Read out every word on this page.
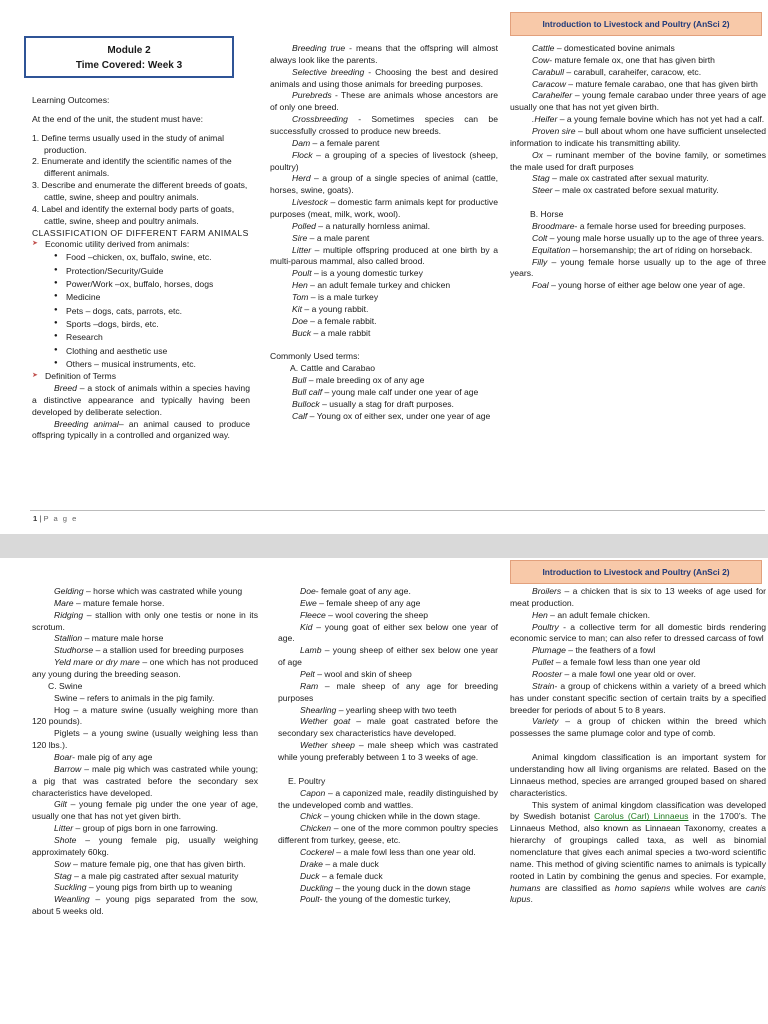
Introduction to Livestock and Poultry (AnSci 2)
Module 2
Time Covered: Week 3

Learning Outcomes:

At the end of the unit, the student must have:

1. Define terms usually used in the study of animal production.
2. Enumerate and identify the scientific names of the different animals.
3. Describe and enumerate the different breeds of goats, cattle, swine, sheep and poultry animals.
4. Label and identify the external body parts of goats, cattle, swine, sheep and poultry animals.

CLASSIFICATION OF DIFFERENT FARM ANIMALS

➤ Economic utility derived from animals:
● Food –chicken, ox, buffalo, swine, etc.
● Protection/Security/Guide
● Power/Work –ox, buffalo, horses, dogs
● Medicine
● Pets – dogs, cats, parrots, etc.
● Sports –dogs, birds, etc.
● Research
● Clothing and aesthetic use
● Others – musical instruments, etc.
➤ Definition of Terms

Breed – a stock of animals within a species having a distinctive appearance and typically having been developed by deliberate selection.

Breeding animal– an animal caused to produce offspring typically in a controlled and organized way.

Breeding true - means that the offspring will almost always look like the parents.

Selective breeding - Choosing the best and desired animals and using those animals for breeding purposes.

Purebreds - These are animals whose ancestors are of only one breed.

Crossbreeding - Sometimes species can be successfully crossed to produce new breeds.

Dam – a female parent

Flock – a grouping of a species of livestock (sheep, poultry)

Herd – a group of a single species of animal (cattle, horses, swine, goats).

Livestock – domestic farm animals kept for productive purposes (meat, milk, work, wool).

Polled – a naturally hornless animal.

Sire – a male parent

Litter – multiple offspring produced at one birth by a multi-parous mammal, also called brood.

Poult – is a young domestic turkey

Hen – an adult female turkey and chicken

Tom – is a male turkey

Kit – a young rabbit.

Doe – a female rabbit.

Buck – a male rabbit

Commonly Used terms:

A. Cattle and Carabao

Bull – male breeding ox of any age

Bull calf – young male calf under one year of age

Bullock – usually a stag for draft purposes.

Calf – Young ox of either sex, under one year of age

Cattle – domesticated bovine animals

Cow- mature female ox, one that has given birth

Carabull – carabull, caraheifer, caracow, etc.

Caracow – mature female carabao, one that has given birth

Caraheifer – young female carabao under three years of age usually one that has not yet given birth.

.Heifer – a young female bovine which has not yet had a calf.

Proven sire – bull about whom one have sufficient unselected information to indicate his transmitting ability.

Ox – ruminant member of the bovine family, or sometimes the male used for draft purposes

Stag – male ox castrated after sexual maturity.

Steer – male ox castrated before sexual maturity.

B. Horse

Broodmare- a female horse used for breeding purposes.

Colt – young male horse usually up to the age of three years.

Equitation – horsemanship; the art of riding on horseback.

Filly – young female horse usually up to the age of three years.

Foal – young horse of either age below one year of age.

1 | P a g e
Introduction to Livestock and Poultry (AnSci 2)

Gelding – horse which was castrated while young

Mare – mature female horse.

Ridging – stallion with only one testis or none in its scrotum.

Stallion – mature male horse

Studhorse – a stallion used for breeding purposes

Yeld mare or dry mare – one which has not produced any young during the breeding season.

C. Swine

Swine – refers to animals in the pig family.

Hog – a mature swine (usually weighing more than 120 pounds).

Piglets – a young swine (usually weighing less than 120 lbs.).

Boar- male pig of any age

Barrow – male pig which was castrated while young; a pig that was castrated before the secondary sex characteristics have developed.

Gilt – young female pig under the one year of age, usually one that has not yet given birth.

Litter – group of pigs born in one farrowing.

Shote – young female pig, usually weighing approximately 60kg.

Sow – mature female pig, one that has given birth.

Stag – a male pig castrated after sexual maturity

Suckling – young pigs from birth up to weaning

Weanling – young pigs separated from the sow, about 5 weeks old.

Doe- female goat of any age.

Ewe – female sheep of any age

Fleece – wool covering the sheep

Kid – young goat of either sex below one year of age.

Lamb – young sheep of either sex below one year of age

Pelt – wool and skin of sheep

Ram – male sheep of any age for breeding purposes

Shearling – yearling sheep with two teeth

Wether goat – male goat castrated before the secondary sex characteristics have developed.

Wether sheep – male sheep which was castrated while young preferably between 1 to 3 weeks of age.

E. Poultry

Capon – a caponized male, readily distinguished by the undeveloped comb and wattles.

Chick – young chicken while in the down stage.

Chicken – one of the more common poultry species different from turkey, geese, etc.

Cockerel – a male fowl less than one year old.

Drake – a male duck

Duck – a female duck

Duckling – the young duck in the down stage

Poult- the young of the domestic turkey,

Broilers – a chicken that is six to 13 weeks of age used for meat production.

Hen – an adult female chicken.

Poultry - a collective term for all domestic birds rendering economic service to man; can also refer to dressed carcass of fowl

Plumage – the feathers of a fowl

Pullet – a female fowl less than one year old

Rooster – a male fowl one year old or over.

Strain- a group of chickens within a variety of a breed which has under constant specific section of certain traits by a specified breeder for periods of about 5 to 8 years.

Variety – a group of chicken within the breed which possesses the same plumage color and type of comb.

Animal kingdom classification is an important system for understanding how all living organisms are related. Based on the Linnaeus method, species are arranged grouped based on shared characteristics.

This system of animal kingdom classification was developed by Swedish botanist Carolus (Carl) Linnaeus in the 1700’s. The Linnaeus Method, also known as Linnaean Taxonomy, creates a hierarchy of groupings called taxa, as well as binomial nomenclature that gives each animal species a two-word scientific name. This method of giving scientific names to animals is typically rooted in Latin by combining the genus and species. For example, humans are classified as homo sapiens while wolves are canis lupus.
